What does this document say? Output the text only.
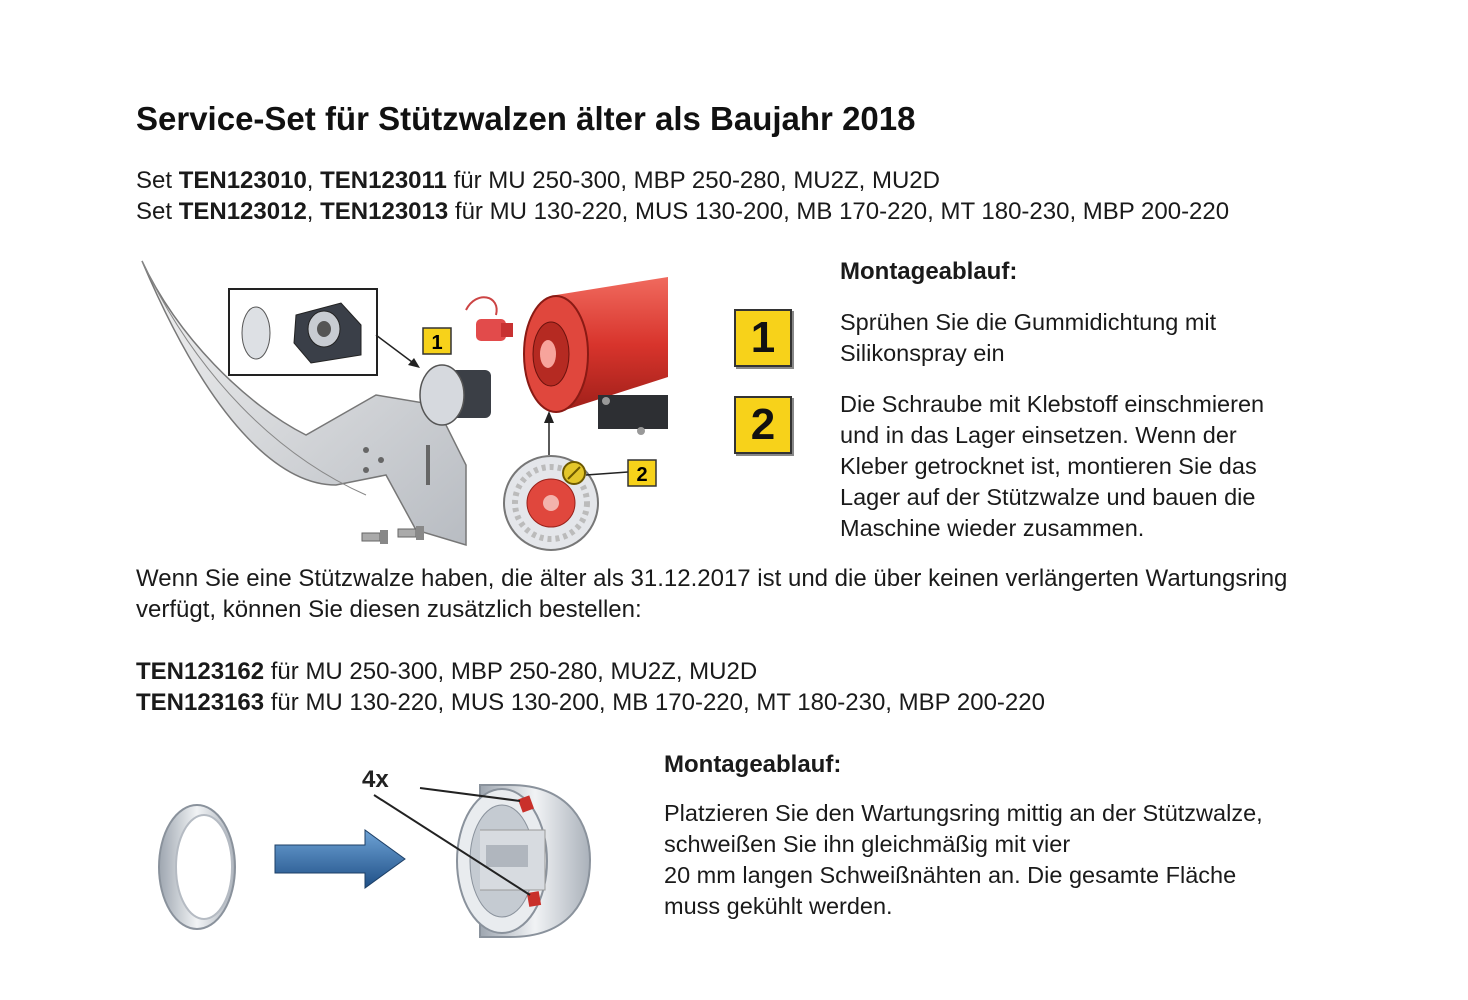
Service-Set für Stützwalzen älter als Baujahr 2018
Set TEN123010, TEN123011 für MU 250-300, MBP 250-280, MU2Z, MU2D
Set TEN123012, TEN123013 für MU 130-220, MUS 130-200, MB 170-220, MT 180-230, MBP 200-220
1
2
Montageablauf:
1	Sprühen Sie die Gummidichtung mit
Silikonspray ein
2	Die Schraube mit Klebstoff einschmieren
und in das Lager einsetzen. Wenn der
Kleber getrocknet ist, montieren Sie das
Lager auf der Stützwalze und bauen die
Maschine wieder zusammen.
Wenn Sie eine Stützwalze haben, die älter als 31.12.2017 ist und die über keinen verlängerten Wartungsring
verfügt, können Sie diesen zusätzlich bestellen:
TEN123162 für MU 250-300, MBP 250-280, MU2Z, MU2D
TEN123163 für MU 130-220, MUS 130-200, MB 170-220, MT 180-230, MBP 200-220
4x
Montageablauf:
Platzieren Sie den Wartungsring mittig an der Stützwalze,
schweißen Sie ihn gleichmäßig mit vier
20 mm langen Schweißnähten an. Die gesamte Fläche
muss gekühlt werden.
